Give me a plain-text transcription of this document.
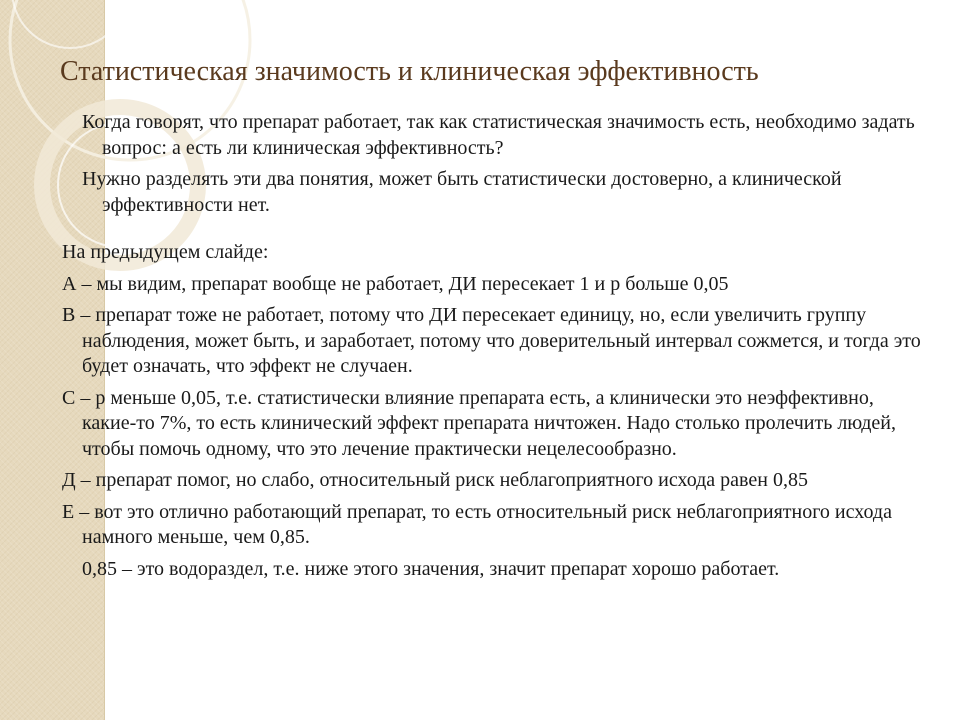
Статистическая значимость и клиническая эффективность

Когда говорят, что препарат работает, так как статистическая значимость есть, необходимо задать вопрос: а есть ли клиническая эффективность?

Нужно разделять эти два понятия, может быть статистически достоверно, а клинической эффективности нет.

На предыдущем слайде:

А – мы видим, препарат вообще не работает, ДИ пересекает 1 и р больше 0,05

В – препарат тоже не работает, потому что ДИ пересекает единицу, но, если увеличить группу наблюдения, может быть, и заработает, потому что доверительный интервал сожмется, и тогда это будет означать, что эффект не случаен.

С – р меньше 0,05, т.е. статистически влияние препарата есть, а клинически это неэффективно, какие-то 7%, то есть клинический эффект препарата ничтожен. Надо столько пролечить людей, чтобы помочь одному, что это лечение практически нецелесообразно.

Д – препарат помог, но слабо, относительный риск неблагоприятного исхода равен 0,85

Е – вот это отлично работающий препарат, то есть относительный риск неблагоприятного исхода намного меньше, чем 0,85.

0,85 – это водораздел, т.е. ниже этого значения, значит препарат хорошо работает.
